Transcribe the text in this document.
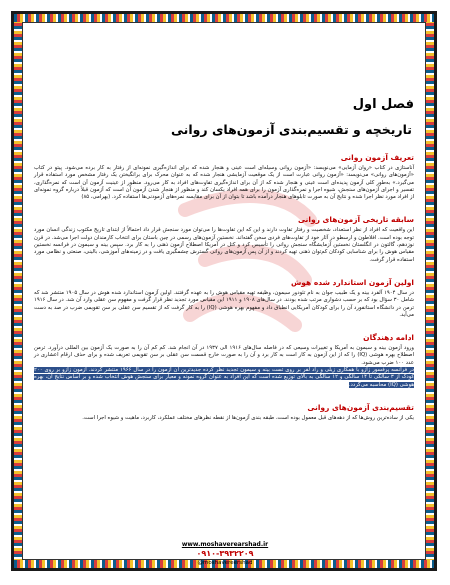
فصل اول
تاریخچه و تقسیم‌بندی آزمون‌های روانی
تعریف آزمون روانی
آناستازی در کتاب «روان آزمایی» می‌نویسد: «آزمون روانی وسیله‌ای است عینی و هنجار شده که برای اندازه‌گیری نمونه‌ای از رفتار به کار برده می‌شود. پیتو در کتاب «آزمون‌های روانی» می‌نویسد: «آزمون روانی عبارت است از یک موقعیت آزمایشی هنجار شده که به عنوان محرک برای برانگیختن یک رفتار مشخص مورد استفاده قرار می‌گیرد.» به‌طور کلی آزمون پدیده‌ای است عینی و هنجار شده که از آن برای اندازه‌گیری تفاوت‌های افراد به کار می‌رود. منظور از عینیت آزمون آن است که نمره‌گذاری، تفسیر و اجرای آزمون‌های سنجش، شیوه اجرا و نمره‌گذاری آزمون را برای همه افراد یکسان کند و منظور از هنجار شدن آزمون آن است که آزمون قبلاً درباره گروه نمونه‌ای از افراد مورد نظر اجرا شده و نتایج آن به صورت تابلوهای هنجار درآمده باشد تا بتوان از آن برای مقایسه نمره‌های آزمودنی‌ها استفاده کرد. (بهرامی، ۸۵)
سابقه تاریخی آزمون‌های روانی
این واقعیت که افراد از نظر استعداد، شخصیت و رفتار تفاوت دارند و این که این تفاوت‌ها را می‌توان مورد سنجش قرار داد احتمالاً از ابتدای تاریخ مکتوب زندگی انسان مورد توجه بوده است. افلاطون و ارسطو در آثار خود از تفاوت‌های فردی سخن گفته‌اند. نخستین آزمون‌های رسمی در چین باستان برای انتخاب کارمندان دولت اجرا می‌شد. در قرن نوزدهم، گالتون در انگلستان نخستین آزمایشگاه سنجش روانی را تأسیس کرد و کتل در آمریکا اصطلاح آزمون ذهنی را به کار برد. سپس بینه و سیمون در فرانسه نخستین مقیاس هوش را برای شناسایی کودکان کم‌توان ذهنی تهیه کردند و از آن پس آزمون‌های روانی گسترش چشمگیری یافت و در زمینه‌های آموزشی، بالینی، صنعتی و نظامی مورد استفاده قرار گرفت.
اولین آزمون استاندارد شده هوش
در سال ۱۹۰۴ آلفرد بینه و یک طبیب جوان به نام تئودور سیمون، وظیفه تهیه مقیاس هوش را به عهده گرفتند. اولین آزمون استاندارد شده هوش در سال ۱۹۰۵ منتشر شد که شامل ۳۰ سؤال بود که بر حسب دشواری مرتب شده بودند. در سال‌های ۱۹۰۸ و ۱۹۱۱ این مقیاس مورد تجدید نظر قرار گرفت و مفهوم سن عقلی وارد آن شد. در سال ۱۹۱۶ ترمن در دانشگاه استانفورد آن را برای کودکان آمریکایی انطباق داد و مفهوم بهره هوشی (IQ) را به کار گرفت که از تقسیم سن عقلی بر سن تقویمی ضرب در صد به دست می‌آید.
ادامه دهندگان
ورود آزمون بینه و سیمون به آمریکا و تغییرات وسیعی که در فاصله سال‌های ۱۹۱۶ الی ۱۹۳۷ در آن انجام شد. کم کم آن را به صورت یک آزمون بین المللی درآورد. ترمن اصطلاح بهره هوشی (IQ) را که از این آزمون به کار است به کار برد و آن را به صورت خارج قسمت سن عقلی بر سن تقویمی تعریف شده و برای حذف ارقام اعشاری در عدد ۱۰۰ ضرب می‌شود.
در فرانسه پرفسور زازو با همکاری زیلی و راد لفر بر روی تست بینه و سیمون تجدید نظر کرده جدیدترین آن آزمون را در سال ۱۹۶۶ منتشر کردند. آزمون زازو بر روی ۲۰۰ کودک از ۳ سالگی تا ۱۴ سالگی و ۱۲ سالگی به بالای توزیع شده است که این افراد به عنوان گروه نمونه و معیار برای سنجش هوش انتخاب شده و بر اساس نتایج آن، بهره هوشی (IQ) محاسبه می‌گردد.
تقسیم‌بندی آزمون‌های روانی
یکی از ساده‌ترین روش‌ها که از دهه‌های قبل معمول بوده است، طبقه بندی آزمون‌ها از نقطه نظرهای مختلف عملکرد، کاربرد، ماهیت و شیوه اجرا است.
www.moshaverearshad.ir
۰۹۱۰-۳۹۳۲۲۰۹
@moshavereershad
